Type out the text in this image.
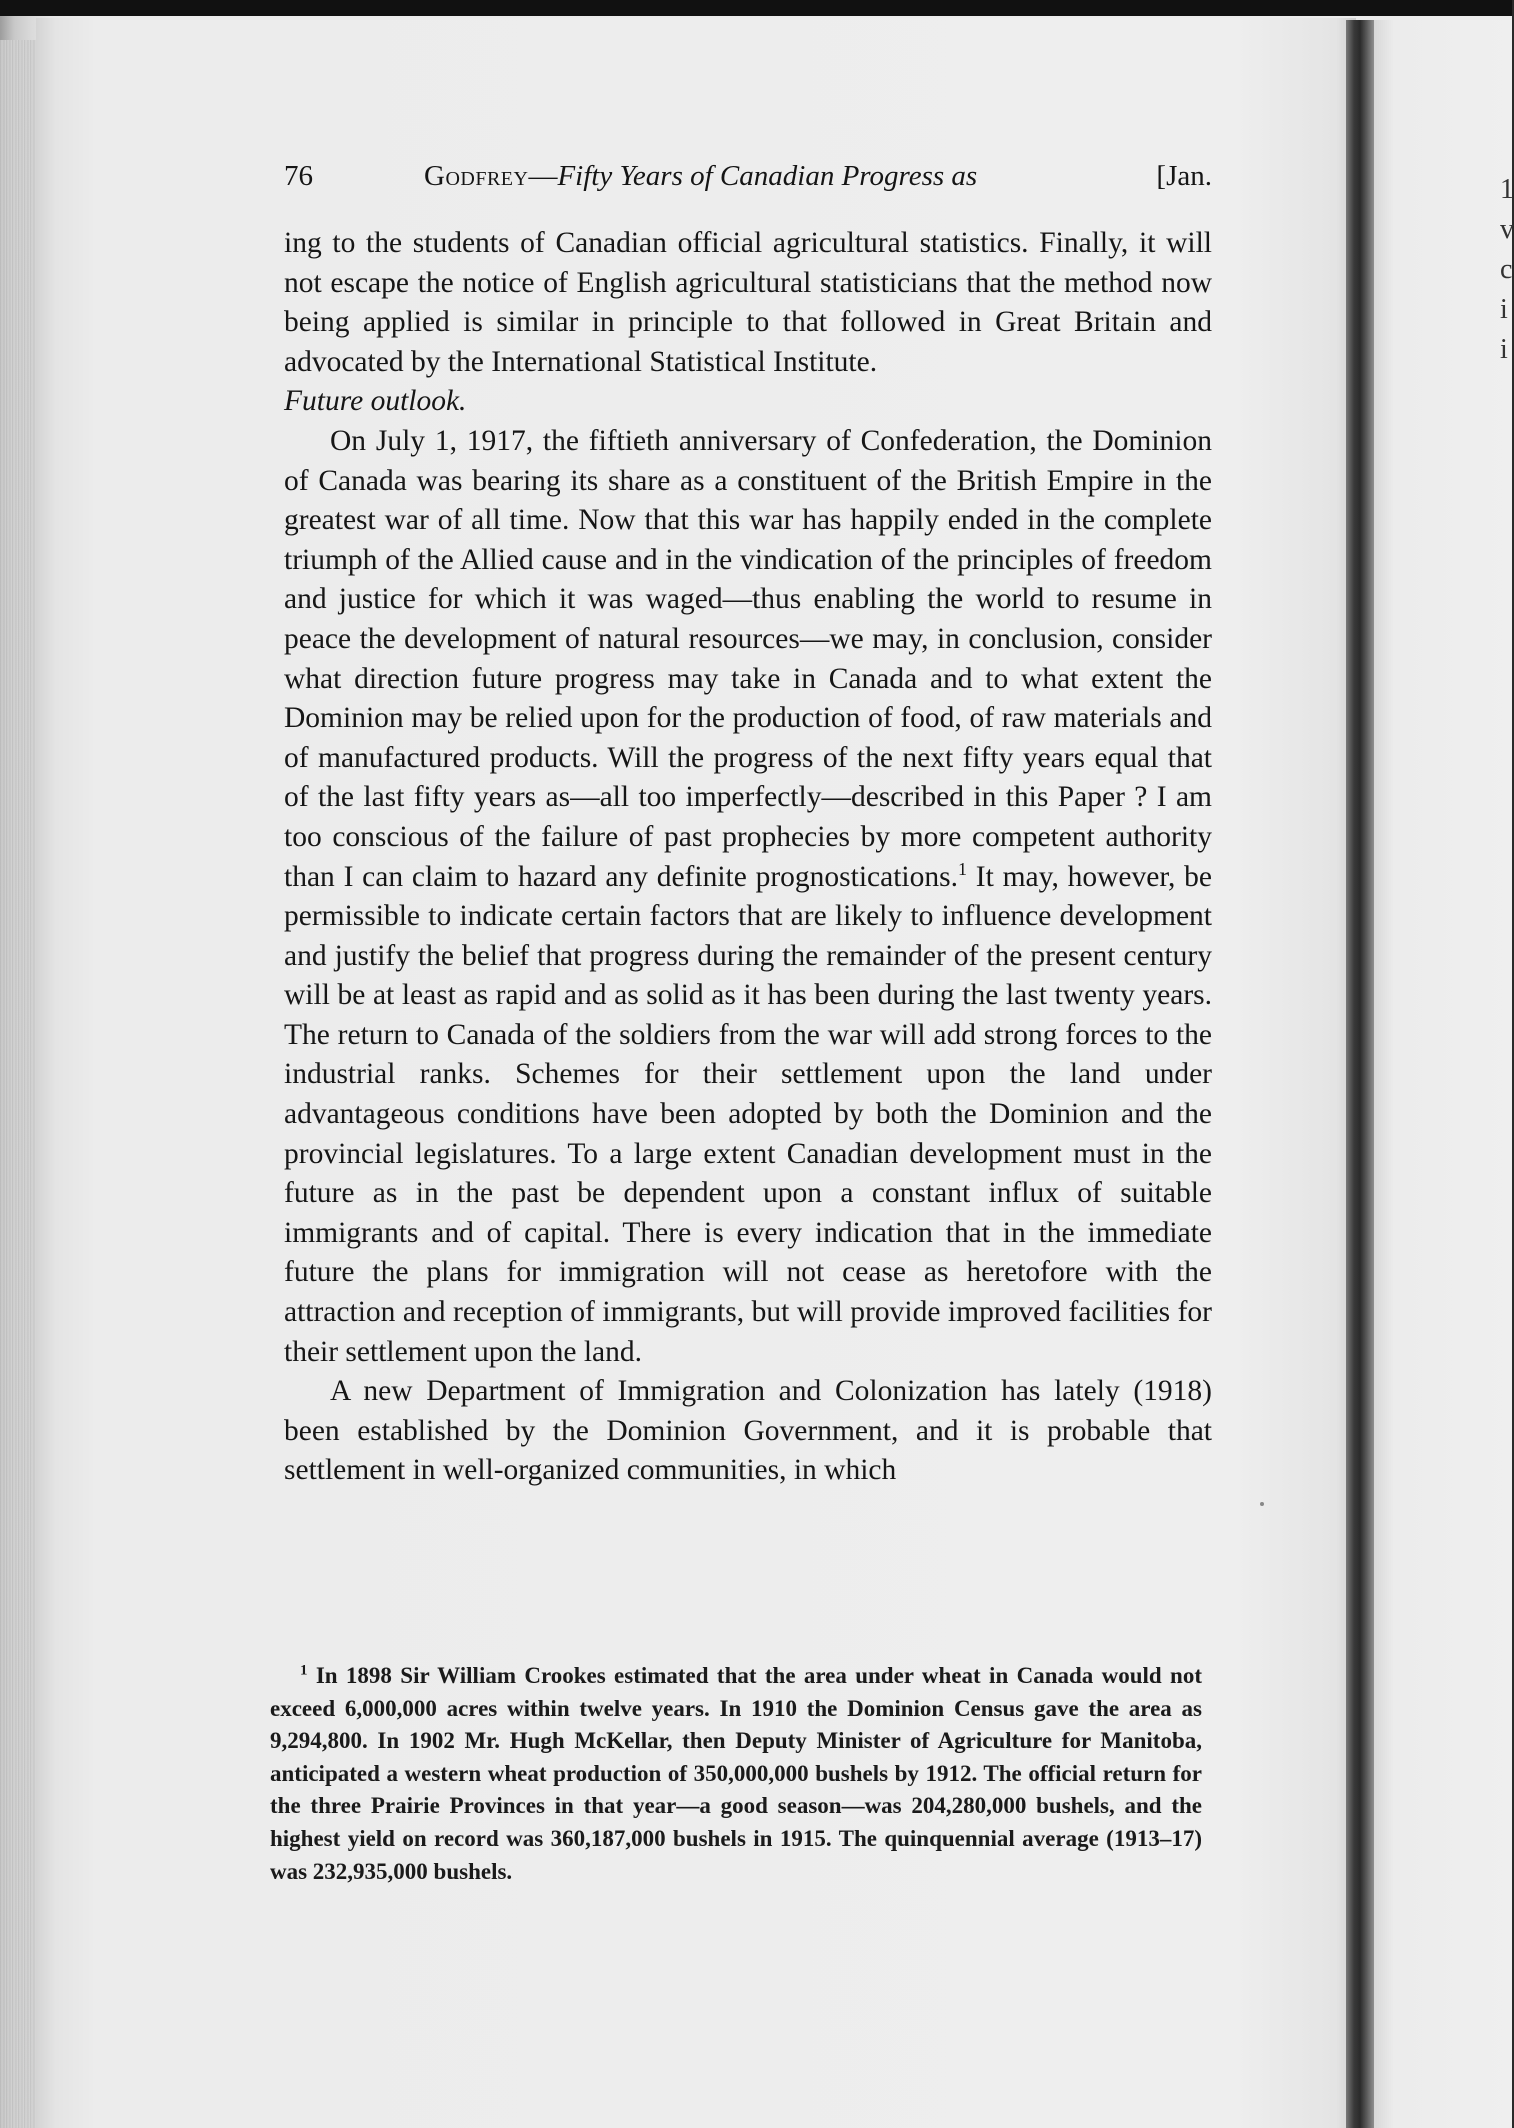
1
v
c
i
i
76	Godfrey—Fifty Years of Canadian Progress as	[Jan.

ing to the students of Canadian official agricultural statistics. Finally, it will not escape the notice of English agricultural statisticians that the method now being applied is similar in principle to that followed in Great Britain and advocated by the International Statistical Institute.

Future outlook.

On July 1, 1917, the fiftieth anniversary of Confederation, the Dominion of Canada was bearing its share as a constituent of the British Empire in the greatest war of all time. Now that this war has happily ended in the complete triumph of the Allied cause and in the vindication of the principles of freedom and justice for which it was waged—thus enabling the world to resume in peace the development of natural resources—we may, in conclusion, consider what direction future progress may take in Canada and to what extent the Dominion may be relied upon for the production of food, of raw materials and of manufactured products. Will the progress of the next fifty years equal that of the last fifty years as—all too imperfectly—described in this Paper ? I am too conscious of the failure of past prophecies by more competent authority than I can claim to hazard any definite prognostications.$^1$ It may, however, be permissible to indicate certain factors that are likely to influence development and justify the belief that progress during the remainder of the present century will be at least as rapid and as solid as it has been during the last twenty years. The return to Canada of the soldiers from the war will add strong forces to the industrial ranks. Schemes for their settlement upon the land under advantageous conditions have been adopted by both the Dominion and the provincial legislatures. To a large extent Canadian development must in the future as in the past be dependent upon a constant influx of suitable immigrants and of capital. There is every indication that in the immediate future the plans for immigration will not cease as heretofore with the attraction and reception of immigrants, but will provide improved facilities for their settlement upon the land.

A new Department of Immigration and Colonization has lately (1918) been established by the Dominion Government, and it is probable that settlement in well-organized communities, in which

$^1$ In 1898 Sir William Crookes estimated that the area under wheat in Canada would not exceed 6,000,000 acres within twelve years. In 1910 the Dominion Census gave the area as 9,294,800. In 1902 Mr. Hugh McKellar, then Deputy Minister of Agriculture for Manitoba, anticipated a western wheat production of 350,000,000 bushels by 1912. The official return for the three Prairie Provinces in that year—a good season—was 204,280,000 bushels, and the highest yield on record was 360,187,000 bushels in 1915. The quinquennial average (1913–17) was 232,935,000 bushels.
